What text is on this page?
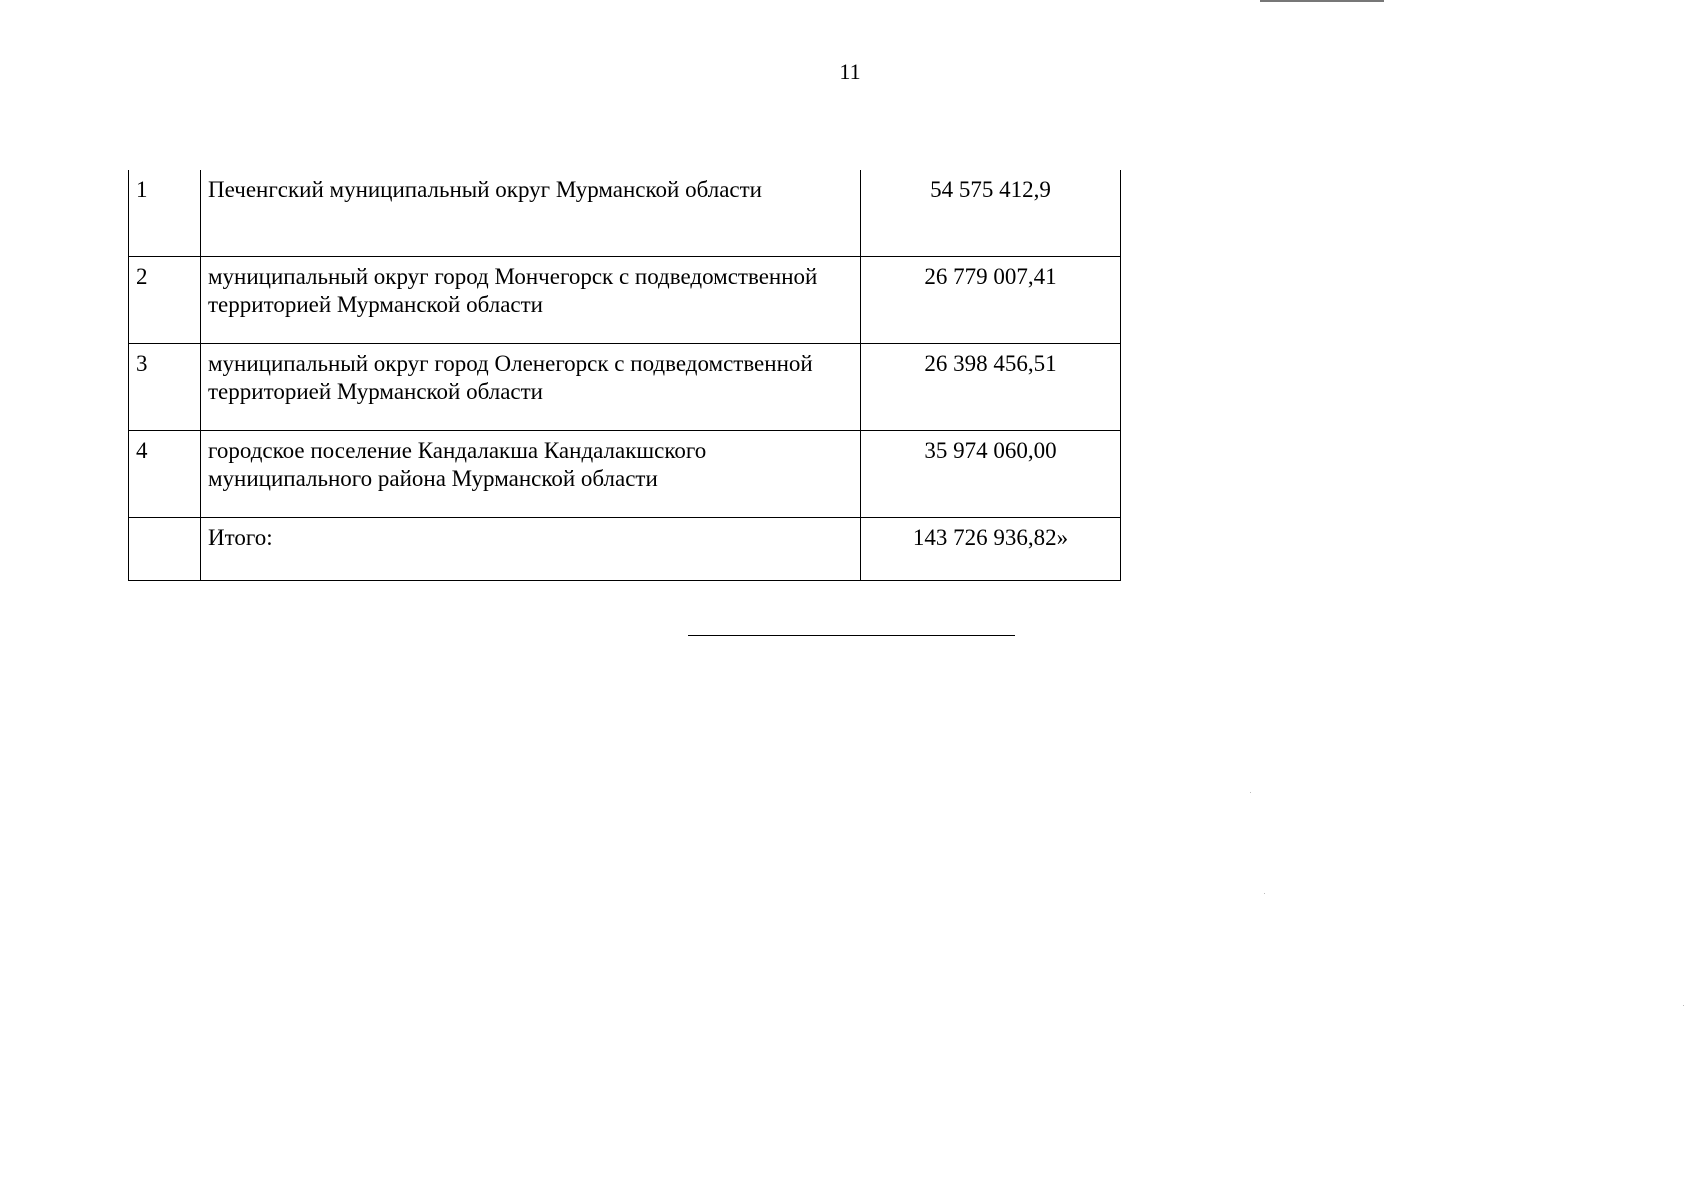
11
1	Печенгский муниципальный округ Мурманской области	54 575 412,9
2	муниципальный округ город Мончегорск с подведомственной территорией Мурманской области	26 779 007,41
3	муниципальный округ город Оленегорск с подведомственной территорией Мурманской области	26 398 456,51
4	городское поселение Кандалакша Кандалакшского муниципального района Мурманской области	35 974 060,00
	Итого:	143 726 936,82»
